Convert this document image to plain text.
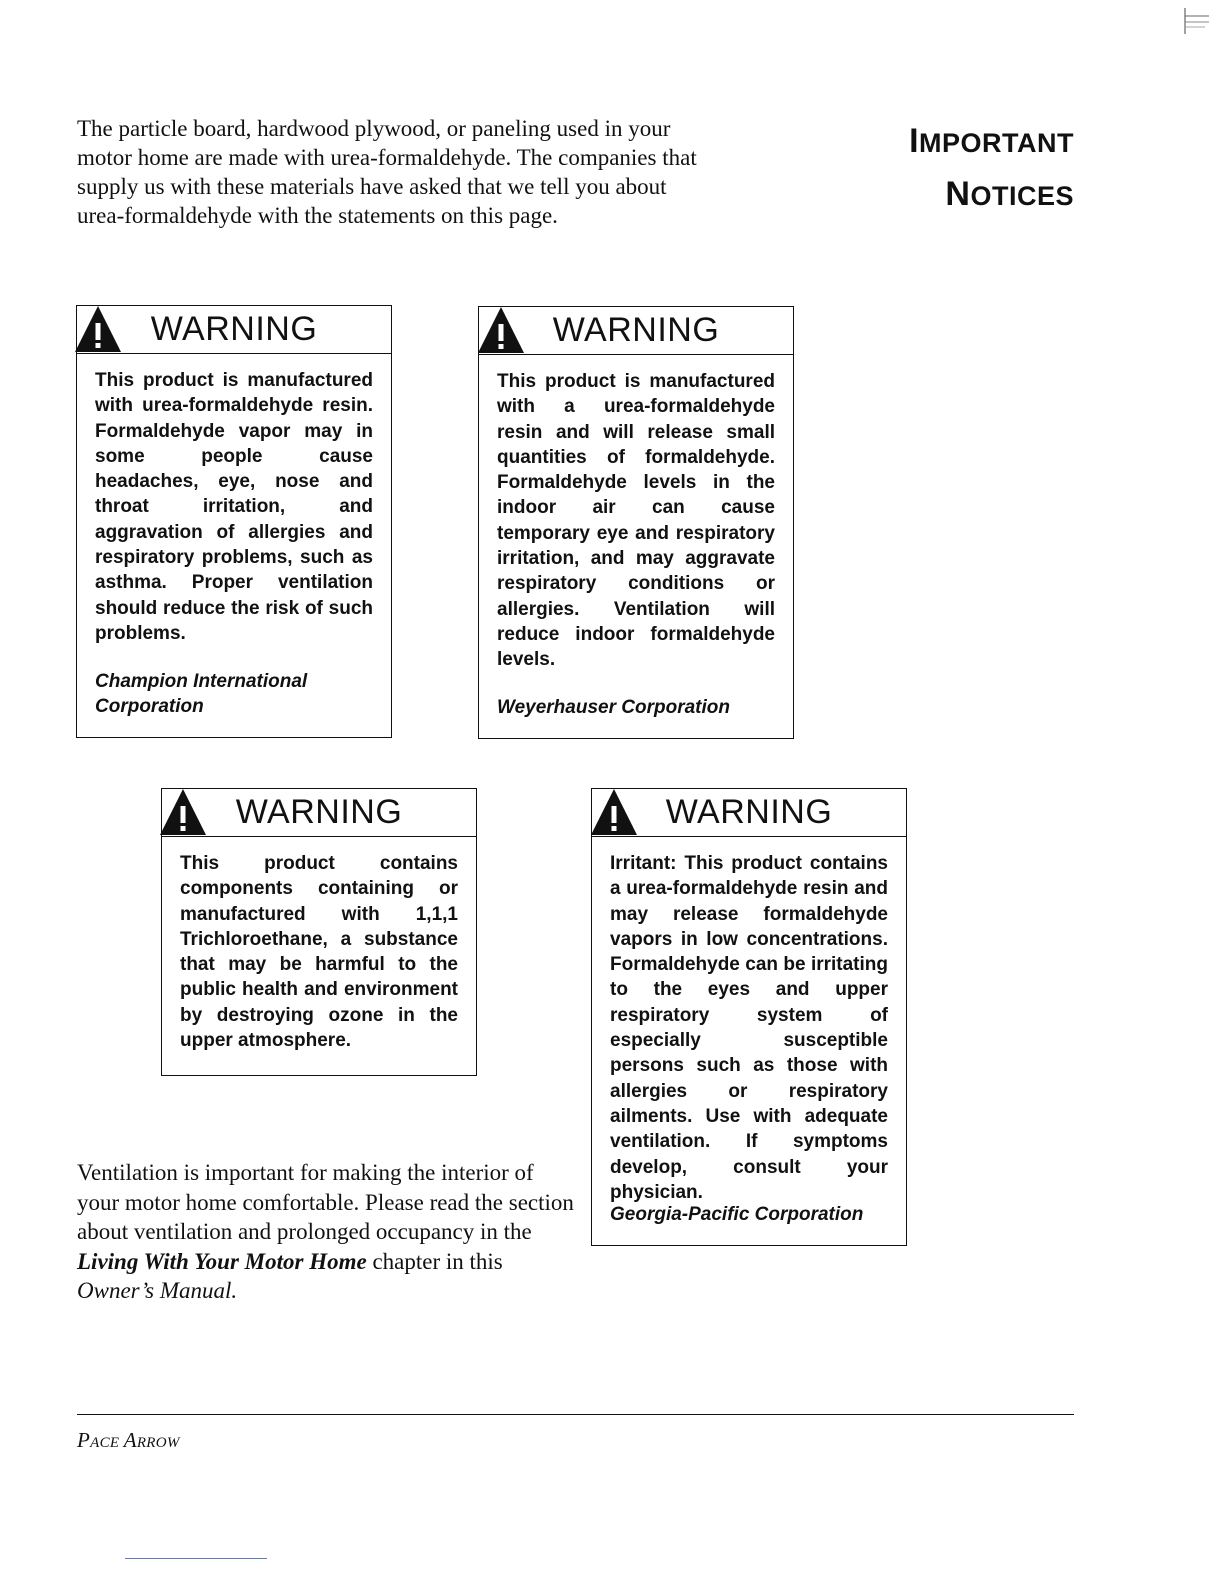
The particle board, hardwood plywood, or paneling used in your
motor home are made with urea-formaldehyde. The companies that
supply us with these materials have asked that we tell you about
urea-formaldehyde with the statements on this page.
IMPORTANT
NOTICES
WARNING

This product is manufactured with urea-formaldehyde resin. Formaldehyde vapor may in some people cause headaches, eye, nose and throat irritation, and aggravation of allergies and respiratory problems, such as asthma. Proper ventilation should reduce the risk of such problems.

Champion International Corporation

WARNING

This product is manufactured with a urea-formaldehyde resin and will release small quantities of formaldehyde. Formaldehyde levels in the indoor air can cause temporary eye and respiratory irritation, and may aggravate respiratory conditions or allergies. Ventilation will reduce indoor formaldehyde levels.

Weyerhauser Corporation

WARNING

This product contains components containing or manufactured with 1,1,1 Trichloroethane, a substance that may be harmful to the public health and environment by destroying ozone in the upper atmosphere.

WARNING

Irritant: This product contains a urea-formaldehyde resin and may release formaldehyde vapors in low concentrations. Formaldehyde can be irritating to the eyes and upper respiratory system of especially susceptible persons such as those with allergies or respiratory ailments. Use with adequate ventilation. If symptoms develop, consult your physician.

Georgia-Pacific Corporation

Ventilation is important for making the interior of your motor home comfortable. Please read the section about ventilation and prolonged occupancy in the Living With Your Motor Home chapter in this Owner’s Manual.

PACE ARROW
